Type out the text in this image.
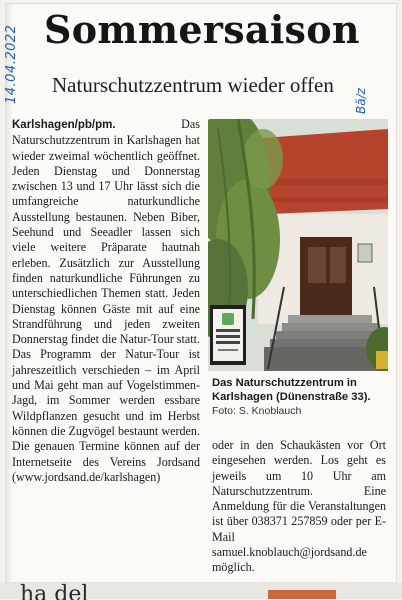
14.04.2022	Bä/z
Sommersaison
Naturschutzzentrum wieder offen
Karlshagen/pb/pm. Das Naturschutzzentrum in Karlshagen hat wieder zweimal wöchentlich geöffnet. Jeden Dienstag und Donnerstag zwischen 13 und 17 Uhr lässt sich die umfangreiche naturkundliche Ausstellung bestaunen. Neben Biber, Seehund und Seeadler lassen sich viele weitere Präparate hautnah erleben. Zusätzlich zur Ausstellung finden naturkundliche Führungen zu unterschiedlichen Themen statt. Jeden Dienstag können Gäste mit auf eine Strandführung und jeden zweiten Donnerstag findet die Natur-Tour statt. Das Programm der Natur-Tour ist jahreszeitlich verschieden – im April und Mai geht man auf Vogelstimmen-Jagd, im Sommer werden essbare Wildpflanzen gesucht und im Herbst können die Zugvögel bestaunt werden. Die genauen Termine können auf der Internetseite des Vereins Jordsand (www.jordsand.de/karlshagen)
Das Naturschutzzentrum in Karlshagen (Dünenstraße 33).
Foto: S. Knoblauch
oder in den Schaukästen vor Ort eingesehen werden. Los geht es jeweils um 10 Uhr am Naturschutzzentrum. Eine Anmeldung für die Veranstaltungen ist über 038371 257859 oder per E-Mail samuel.knoblauch@jordsand.de möglich.
ha del
